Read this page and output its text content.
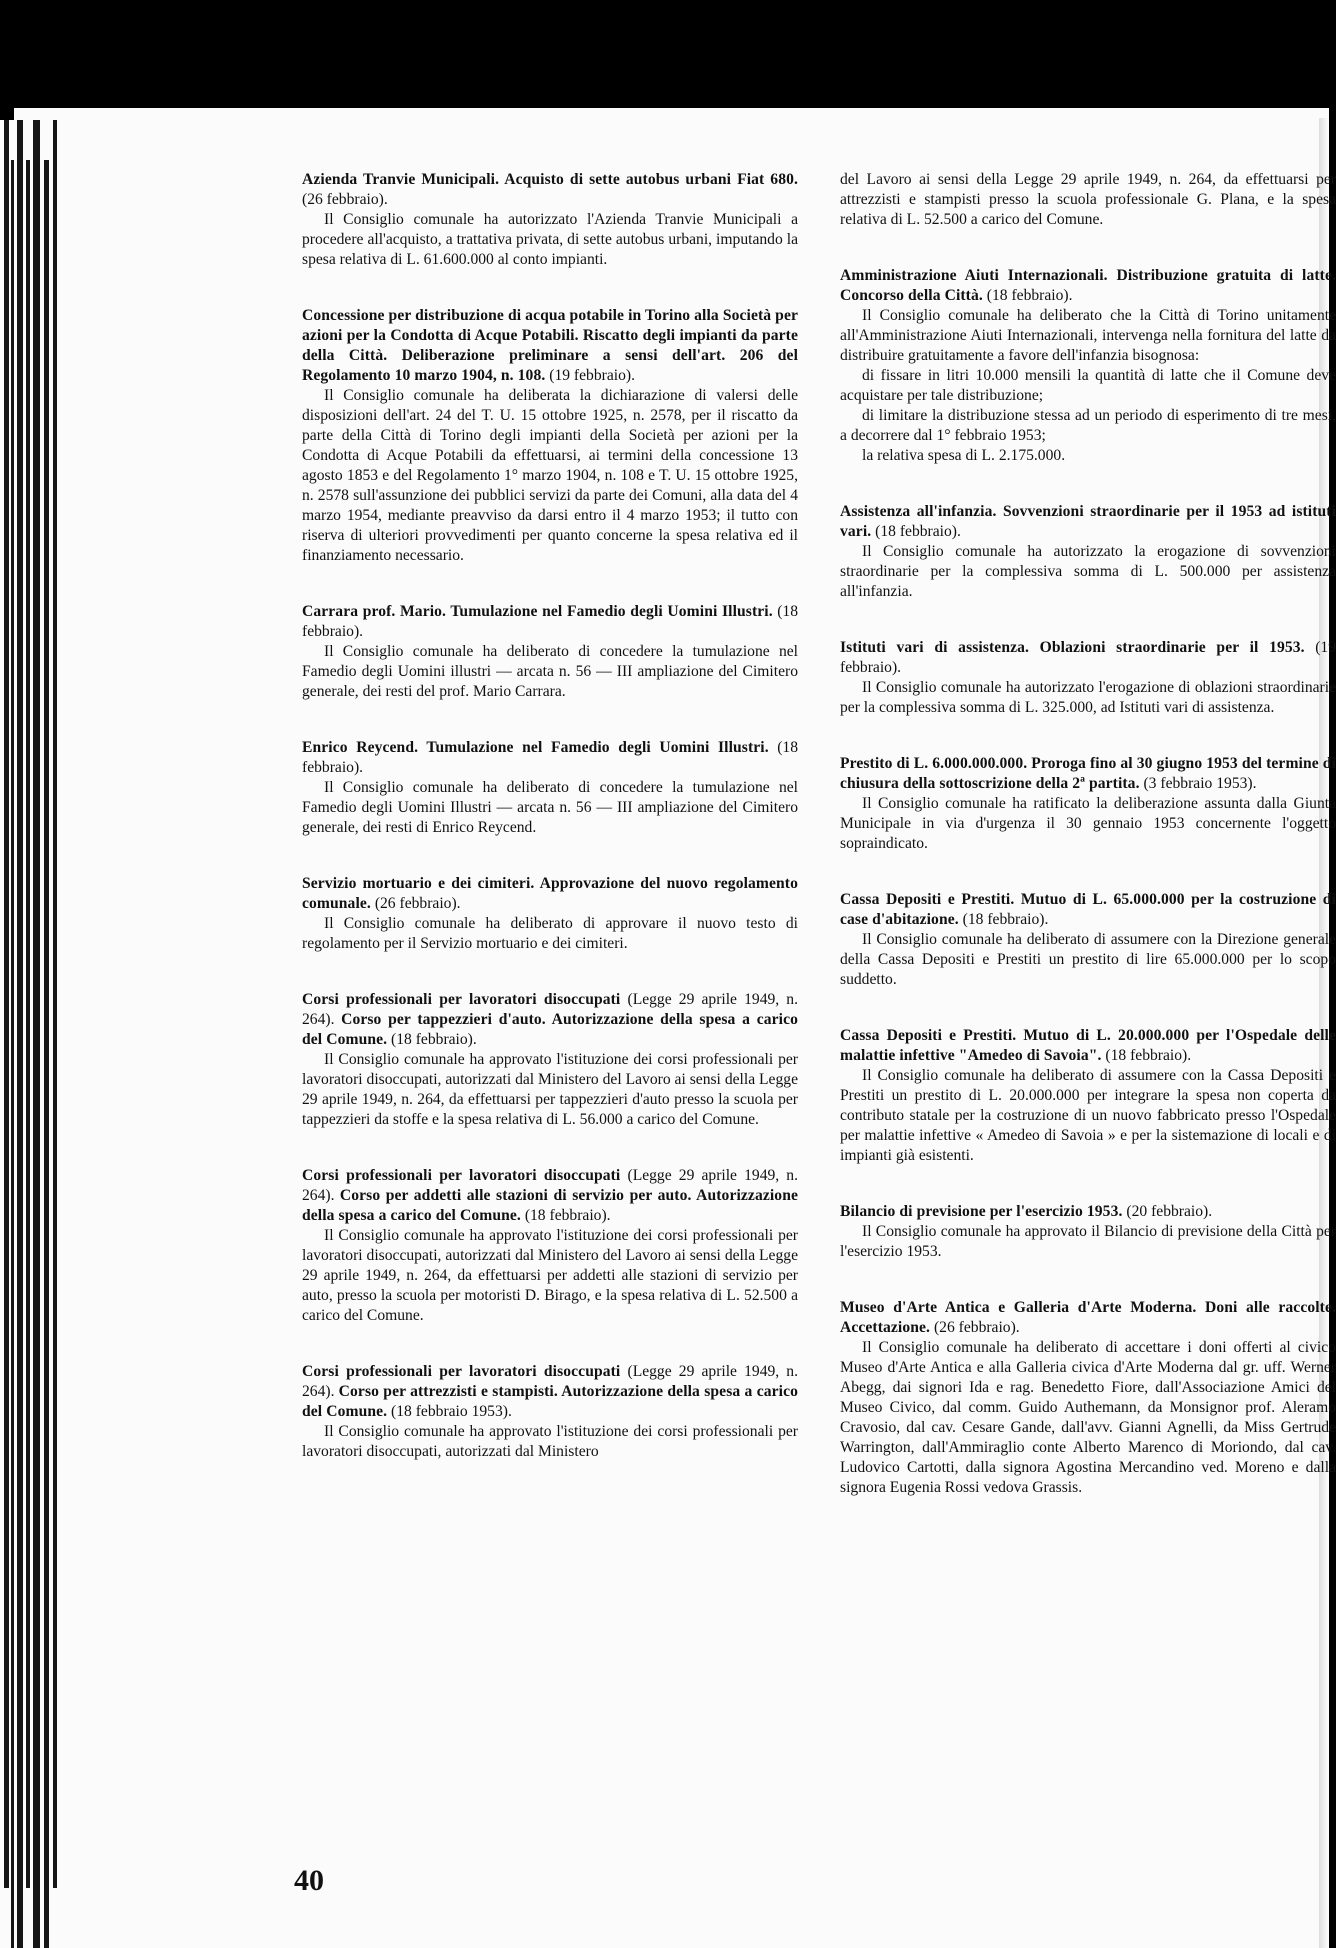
Azienda Tranvie Municipali. Acquisto di sette autobus urbani Fiat 680. (26 febbraio).

Il Consiglio comunale ha autorizzato l'Azienda Tranvie Municipali a procedere all'acquisto, a trattativa privata, di sette autobus urbani, imputando la spesa relativa di L. 61.600.000 al conto impianti.

Concessione per distribuzione di acqua potabile in Torino alla Società per azioni per la Condotta di Acque Potabili. Riscatto degli impianti da parte della Città. Deliberazione preliminare a sensi dell'art. 206 del Regolamento 10 marzo 1904, n. 108. (19 febbraio).

Il Consiglio comunale ha deliberata la dichiarazione di valersi delle disposizioni dell'art. 24 del T. U. 15 ottobre 1925, n. 2578, per il riscatto da parte della Città di Torino degli impianti della Società per azioni per la Condotta di Acque Potabili da effettuarsi, ai termini della concessione 13 agosto 1853 e del Regolamento 1° marzo 1904, n. 108 e T. U. 15 ottobre 1925, n. 2578 sull'assunzione dei pubblici servizi da parte dei Comuni, alla data del 4 marzo 1954, mediante preavviso da darsi entro il 4 marzo 1953; il tutto con riserva di ulteriori provvedimenti per quanto concerne la spesa relativa ed il finanziamento necessario.

Carrara prof. Mario. Tumulazione nel Famedio degli Uomini Illustri. (18 febbraio).

Il Consiglio comunale ha deliberato di concedere la tumulazione nel Famedio degli Uomini illustri — arcata n. 56 — III ampliazione del Cimitero generale, dei resti del prof. Mario Carrara.

Enrico Reycend. Tumulazione nel Famedio degli Uomini Illustri. (18 febbraio).

Il Consiglio comunale ha deliberato di concedere la tumulazione nel Famedio degli Uomini Illustri — arcata n. 56 — III ampliazione del Cimitero generale, dei resti di Enrico Reycend.

Servizio mortuario e dei cimiteri. Approvazione del nuovo regolamento comunale. (26 febbraio).

Il Consiglio comunale ha deliberato di approvare il nuovo testo di regolamento per il Servizio mortuario e dei cimiteri.

Corsi professionali per lavoratori disoccupati (Legge 29 aprile 1949, n. 264). Corso per tappezzieri d'auto. Autorizzazione della spesa a carico del Comune. (18 febbraio).

Il Consiglio comunale ha approvato l'istituzione dei corsi professionali per lavoratori disoccupati, autorizzati dal Ministero del Lavoro ai sensi della Legge 29 aprile 1949, n. 264, da effettuarsi per tappezzieri d'auto presso la scuola per tappezzieri da stoffe e la spesa relativa di L. 56.000 a carico del Comune.

Corsi professionali per lavoratori disoccupati (Legge 29 aprile 1949, n. 264). Corso per addetti alle stazioni di servizio per auto. Autorizzazione della spesa a carico del Comune. (18 febbraio).

Il Consiglio comunale ha approvato l'istituzione dei corsi professionali per lavoratori disoccupati, autorizzati dal Ministero del Lavoro ai sensi della Legge 29 aprile 1949, n. 264, da effettuarsi per addetti alle stazioni di servizio per auto, presso la scuola per motoristi D. Birago, e la spesa relativa di L. 52.500 a carico del Comune.

Corsi professionali per lavoratori disoccupati (Legge 29 aprile 1949, n. 264). Corso per attrezzisti e stampisti. Autorizzazione della spesa a carico del Comune. (18 febbraio 1953).

Il Consiglio comunale ha approvato l'istituzione dei corsi professionali per lavoratori disoccupati, autorizzati dal Ministero

del Lavoro ai sensi della Legge 29 aprile 1949, n. 264, da effettuarsi per attrezzisti e stampisti presso la scuola professionale G. Plana, e la spesa relativa di L. 52.500 a carico del Comune.

Amministrazione Aiuti Internazionali. Distribuzione gratuita di latte. Concorso della Città. (18 febbraio).

Il Consiglio comunale ha deliberato che la Città di Torino unitamente all'Amministrazione Aiuti Internazionali, intervenga nella fornitura del latte da distribuire gratuitamente a favore dell'infanzia bisognosa:

di fissare in litri 10.000 mensili la quantità di latte che il Comune deve acquistare per tale distribuzione;

di limitare la distribuzione stessa ad un periodo di esperimento di tre mesi, a decorrere dal 1° febbraio 1953;

la relativa spesa di L. 2.175.000.

Assistenza all'infanzia. Sovvenzioni straordinarie per il 1953 ad istituti vari. (18 febbraio).

Il Consiglio comunale ha autorizzato la erogazione di sovvenzioni straordinarie per la complessiva somma di L. 500.000 per assistenza all'infanzia.

Istituti vari di assistenza. Oblazioni straordinarie per il 1953. (19 febbraio).

Il Consiglio comunale ha autorizzato l'erogazione di oblazioni straordinarie per la complessiva somma di L. 325.000, ad Istituti vari di assistenza.

Prestito di L. 6.000.000.000. Proroga fino al 30 giugno 1953 del termine di chiusura della sottoscrizione della 2ª partita. (3 febbraio 1953).

Il Consiglio comunale ha ratificato la deliberazione assunta dalla Giunta Municipale in via d'urgenza il 30 gennaio 1953 concernente l'oggetto sopraindicato.

Cassa Depositi e Prestiti. Mutuo di L. 65.000.000 per la costruzione di case d'abitazione. (18 febbraio).

Il Consiglio comunale ha deliberato di assumere con la Direzione generale della Cassa Depositi e Prestiti un prestito di lire 65.000.000 per lo scopo suddetto.

Cassa Depositi e Prestiti. Mutuo di L. 20.000.000 per l'Ospedale delle malattie infettive "Amedeo di Savoia". (18 febbraio).

Il Consiglio comunale ha deliberato di assumere con la Cassa Depositi e Prestiti un prestito di L. 20.000.000 per integrare la spesa non coperta da contributo statale per la costruzione di un nuovo fabbricato presso l'Ospedale per malattie infettive « Amedeo di Savoia » e per la sistemazione di locali e di impianti già esistenti.

Bilancio di previsione per l'esercizio 1953. (20 febbraio).

Il Consiglio comunale ha approvato il Bilancio di previsione della Città per l'esercizio 1953.

Museo d'Arte Antica e Galleria d'Arte Moderna. Doni alle raccolte. Accettazione. (26 febbraio).

Il Consiglio comunale ha deliberato di accettare i doni offerti al civico Museo d'Arte Antica e alla Galleria civica d'Arte Moderna dal gr. uff. Werner Abegg, dai signori Ida e rag. Benedetto Fiore, dall'Associazione Amici del Museo Civico, dal comm. Guido Authemann, da Monsignor prof. Aleramo Cravosio, dal cav. Cesare Gande, dall'avv. Gianni Agnelli, da Miss Gertrude Warrington, dall'Ammiraglio conte Alberto Marenco di Moriondo, dal cav. Ludovico Cartotti, dalla signora Agostina Mercandino ved. Moreno e dalla signora Eugenia Rossi vedova Grassis.

40
